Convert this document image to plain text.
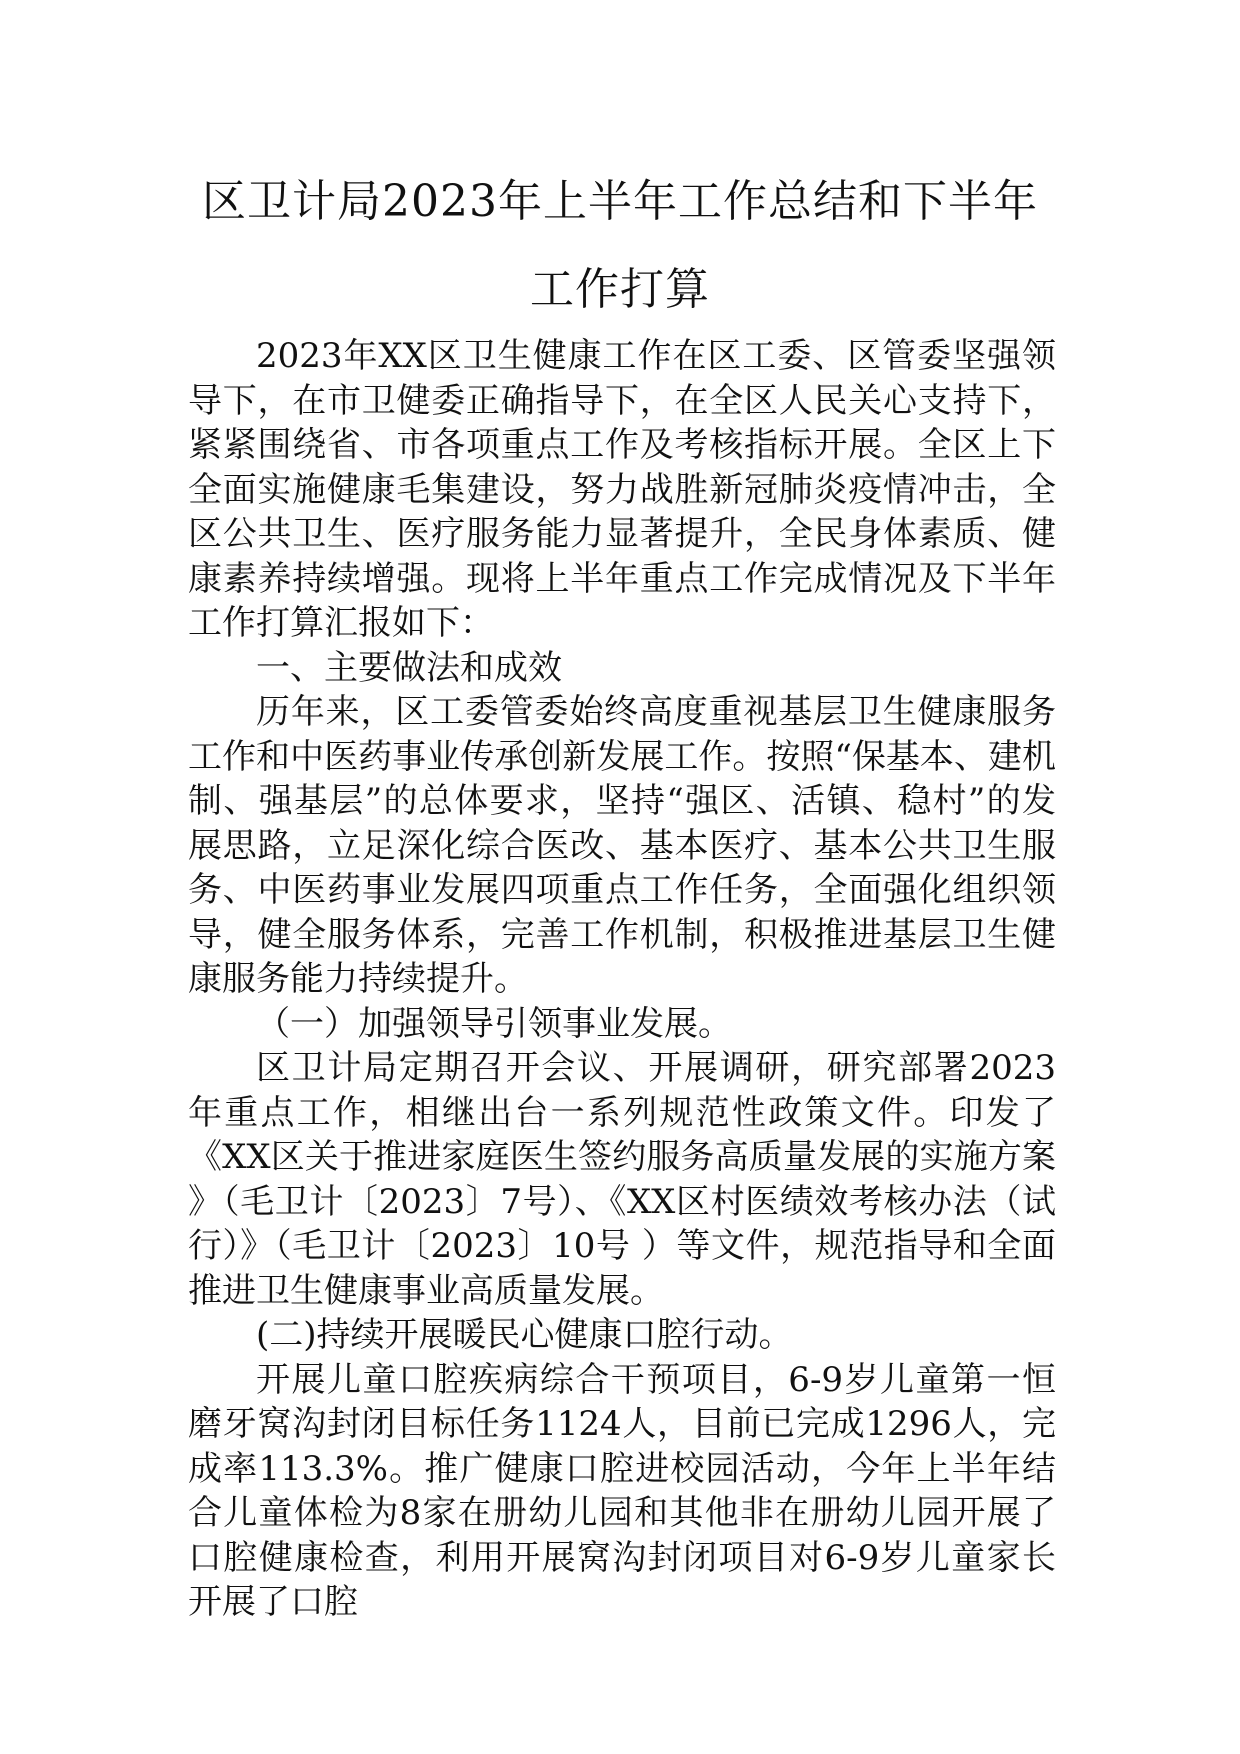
区卫计局2023年上半年工作总结和下半年
工作打算

2023年XX区卫生健康工作在区工委、区管委坚强领导下，在市卫健委正确指导下，在全区人民关心支持下，紧紧围绕省、市各项重点工作及考核指标开展。全区上下全面实施健康毛集建设，努力战胜新冠肺炎疫情冲击，全区公共卫生、医疗服务能力显著提升，全民身体素质、健康素养持续增强。现将上半年重点工作完成情况及下半年工作打算汇报如下：

一、主要做法和成效

历年来，区工委管委始终高度重视基层卫生健康服务工作和中医药事业传承创新发展工作。按照“保基本、建机制、强基层”的总体要求，坚持“强区、活镇、稳村”的发展思路，立足深化综合医改、基本医疗、基本公共卫生服务、中医药事业发展四项重点工作任务，全面强化组织领导，健全服务体系，完善工作机制，积极推进基层卫生健康服务能力持续提升。

（一）加强领导引领事业发展。

区卫计局定期召开会议、开展调研，研究部署2023年重点工作，相继出台一系列规范性政策文件。印发了《XX区关于推进家庭医生签约服务高质量发展的实施方案 》（毛卫计〔2023〕7号）、《XX区村医绩效考核办法（试行）》（毛卫计〔2023〕10号 ）等文件，规范指导和全面推进卫生健康事业高质量发展。

(二)持续开展暖民心健康口腔行动。

开展儿童口腔疾病综合干预项目，6-9岁儿童第一恒磨牙窝沟封闭目标任务1124人，目前已完成1296人，完成率113.3%。推广健康口腔进校园活动，今年上半年结合儿童体检为8家在册幼儿园和其他非在册幼儿园开展了口腔健康检查，利用开展窝沟封闭项目对6-9岁儿童家长开展了口腔
